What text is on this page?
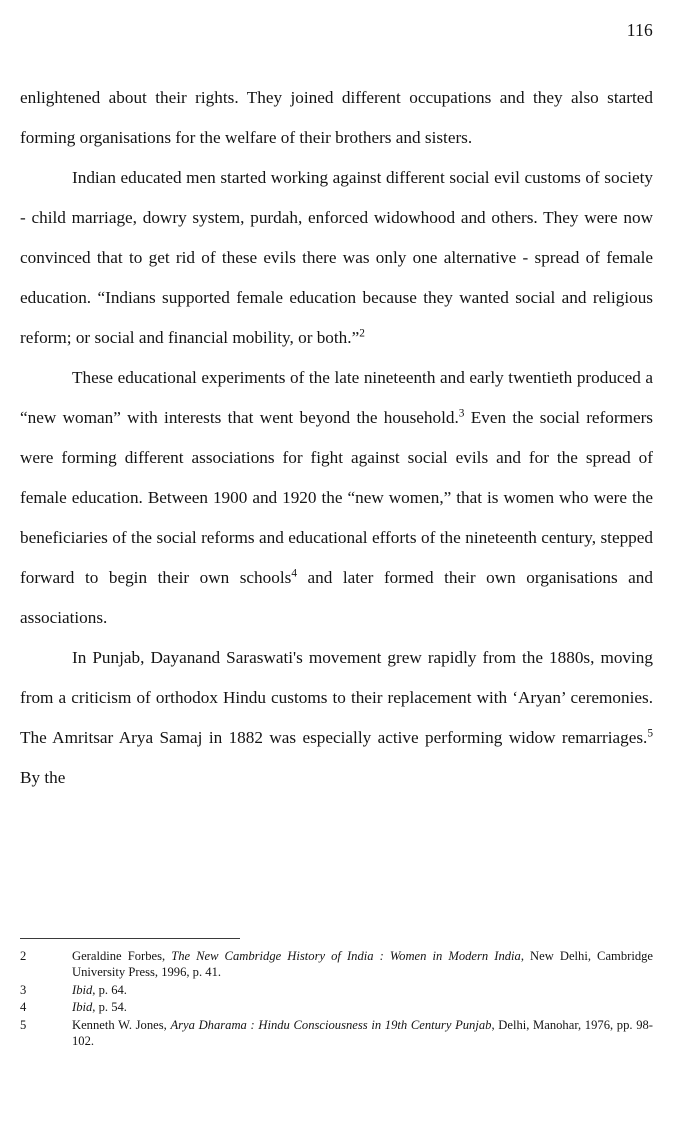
116

enlightened about their rights. They joined different occupations and they also started forming organisations for the welfare of their brothers and sisters.

Indian educated men started working against different social evil customs of society - child marriage, dowry system, purdah, enforced widowhood and others. They were now convinced that to get rid of these evils there was only one alternative - spread of female education. “Indians supported female education because they wanted social and religious reform; or social and financial mobility, or both.”$^2$

These educational experiments of the late nineteenth and early twentieth produced a “new woman” with interests that went beyond the household.$^3$ Even the social reformers were forming different associations for fight against social evils and for the spread of female education. Between 1900 and 1920 the “new women,” that is women who were the beneficiaries of the social reforms and educational efforts of the nineteenth century, stepped forward to begin their own schools$^4$ and later formed their own organisations and associations.

In Punjab, Dayanand Saraswati's movement grew rapidly from the 1880s, moving from a criticism of orthodox Hindu customs to their replacement with ‘Aryan’ ceremonies. The Amritsar Arya Samaj in 1882 was especially active performing widow remarriages.$^5$ By the

2	Geraldine Forbes, The New Cambridge History of India : Women in Modern India, New Delhi, Cambridge University Press, 1996, p. 41.
3	Ibid, p. 64.
4	Ibid, p. 54.
5	Kenneth W. Jones, Arya Dharama : Hindu Consciousness in 19th Century Punjab, Delhi, Manohar, 1976, pp. 98-102.
